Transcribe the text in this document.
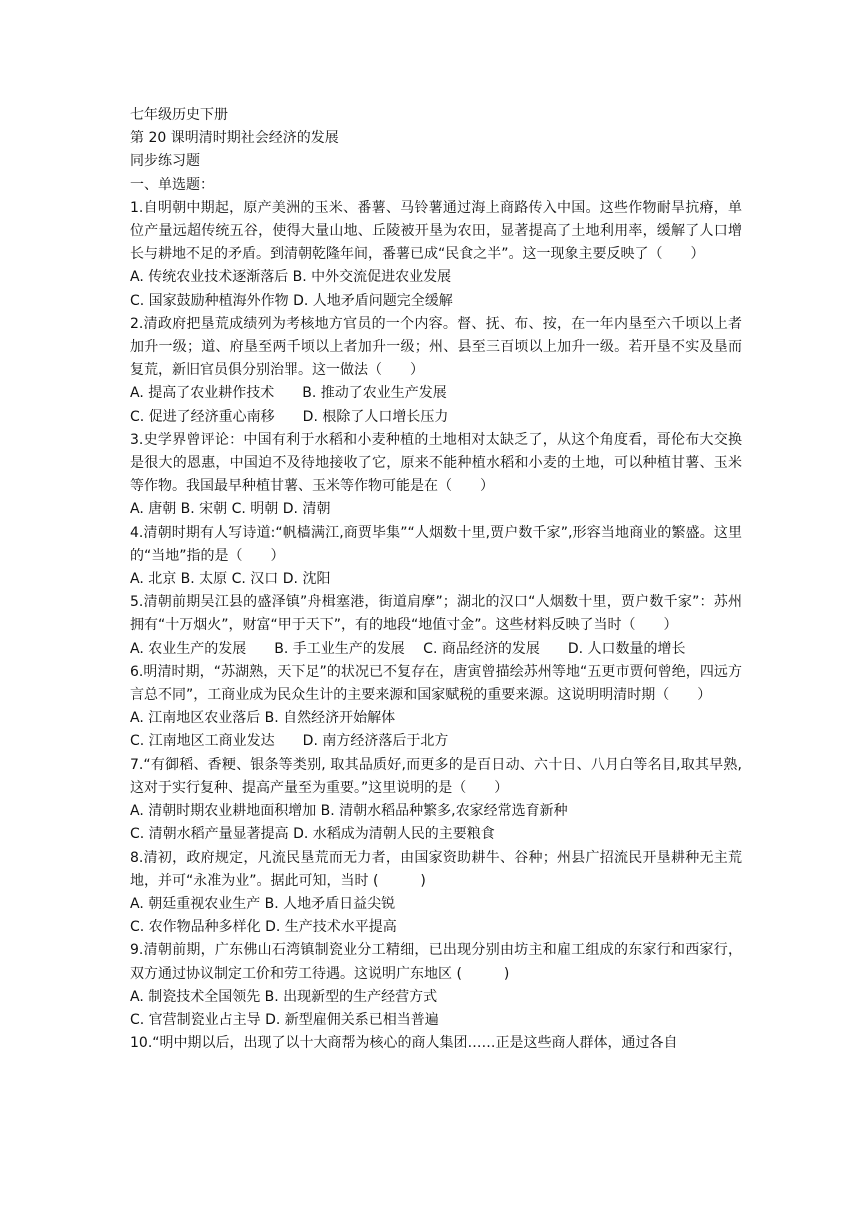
七年级历史下册
第 20 课明清时期社会经济的发展
同步练习题
一、单选题：

1.自明朝中期起，原产美洲的玉米、番薯、马铃薯通过海上商路传入中国。这些作物耐旱抗瘠，单位产量远超传统五谷，使得大量山地、丘陵被开垦为农田，显著提高了土地利用率，缓解了人口增长与耕地不足的矛盾。到清朝乾隆年间，番薯已成“民食之半”。这一现象主要反映了（　　）

A. 传统农业技术逐渐落后 B. 中外交流促进农业发展

C. 国家鼓励种植海外作物 D. 人地矛盾问题完全缓解

2.清政府把垦荒成绩列为考核地方官员的一个内容。督、抚、布、按，在一年内垦至六千顷以上者加升一级；道、府垦至两千顷以上者加升一级；州、县至三百顷以上加升一级。若开垦不实及垦而复荒，新旧官员俱分别治罪。这一做法（　　）

A. 提高了农业耕作技术　　B. 推动了农业生产发展

C. 促进了经济重心南移　　D. 根除了人口增长压力

3.史学界曾评论：中国有利于水稻和小麦种植的土地相对太缺乏了，从这个角度看，哥伦布大交换是很大的恩惠，中国迫不及待地接收了它，原来不能种植水稻和小麦的土地，可以种植甘薯、玉米等作物。我国最早种植甘薯、玉米等作物可能是在（　　）

A. 唐朝 B. 宋朝 C. 明朝 D. 清朝

4.清朝时期有人写诗道:“帆樯满江,商贾毕集”“人烟数十里,贾户数千家”,形容当地商业的繁盛。这里的“当地”指的是（　　）

A. 北京 B. 太原 C. 汉口 D. 沈阳

5.清朝前期吴江县的盛泽镇”舟楫塞港，街道肩摩”；湖北的汉口“人烟数十里，贾户数千家”：苏州拥有“十万烟火”，财富“甲于天下”，有的地段“地值寸金”。这些材料反映了当时（　　）

A. 农业生产的发展　　B. 手工业生产的发展　 C. 商品经济的发展　　D. 人口数量的增长

6.明清时期，“苏湖熟，天下足”的状况已不复存在，唐寅曾描绘苏州等地“五更市贾何曾绝，四远方言总不同”，工商业成为民众生计的主要来源和国家赋税的重要来源。这说明明清时期（　　）

A. 江南地区农业落后 B. 自然经济开始解体

C. 江南地区工商业发达　　D. 南方经济落后于北方

7.“有御稻、香粳、银条等类别, 取其品质好,而更多的是百日动、六十日、八月白等名目,取其早熟, 这对于实行复种、提高产量至为重要。”这里说明的是（　　）

A. 清朝时期农业耕地面积增加 B. 清朝水稻品种繁多,农家经常选育新种

C. 清朝水稻产量显著提高 D. 水稻成为清朝人民的主要粮食

8.清初，政府规定，凡流民垦荒而无力者，由国家资助耕牛、谷种；州县广招流民开垦耕种无主荒地，并可“永准为业”。据此可知，当时 (　　　)

A. 朝廷重视农业生产 B. 人地矛盾日益尖锐

C. 农作物品种多样化 D. 生产技术水平提高

9.清朝前期，广东佛山石湾镇制瓷业分工精细，已出现分别由坊主和雇工组成的东家行和西家行，双方通过协议制定工价和劳工待遇。这说明广东地区 (　　　)

A. 制瓷技术全国领先 B. 出现新型的生产经营方式

C. 官营制瓷业占主导 D. 新型雇佣关系已相当普遍

10.“明中期以后，出现了以十大商帮为核心的商人集团……正是这些商人群体，通过各自
